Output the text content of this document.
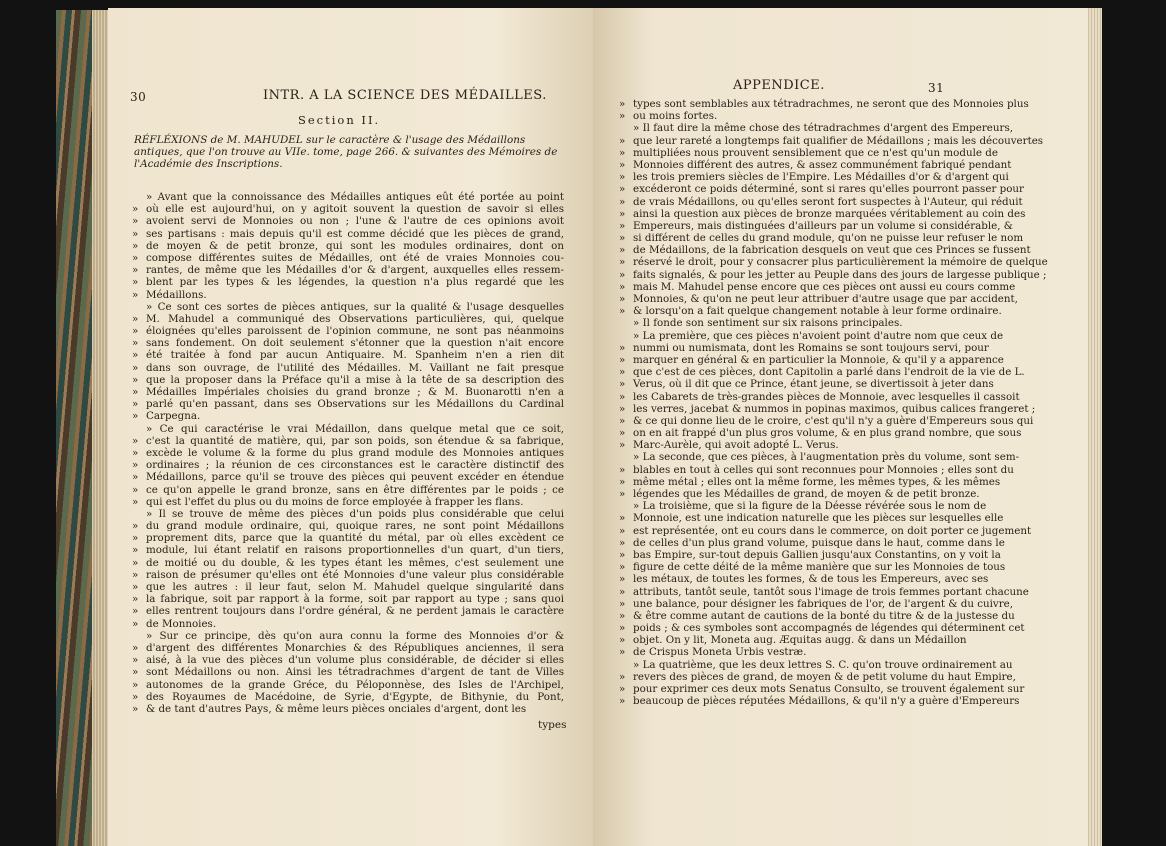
30	INTR. A LA SCIENCE DES MÉDAILLES.
Section II.
RÉFLÉXIONS de M. MAHUDEL sur le caractère & l'usage des Médaillons antiques, que l'on trouve au VIIe. tome, page 266. & suivantes des Mémoires de l'Académie des Inscriptions.
» Avant que la connoissance des Médailles antiques eût été portée au point
» où elle est aujourd'hui, on y agitoit souvent la question de savoir si elles
» avoient servi de Monnoies ou non ; l'une & l'autre de ces opinions avoit
» ses partisans : mais depuis qu'il est comme décidé que les pièces de grand,
» de moyen & de petit bronze, qui sont les modules ordinaires, dont on
» compose différentes suites de Médailles, ont été de vraies Monnoies cou-
» rantes, de même que les Médailles d'or & d'argent, auxquelles elles ressem-
» blent par les types & les légendes, la question n'a plus regardé que les
» Médaillons.
» Ce sont ces sortes de pièces antiques, sur la qualité & l'usage desquelles
» M. Mahudel a communiqué des Observations particulières, qui, quelque
» éloignées qu'elles paroissent de l'opinion commune, ne sont pas néanmoins
» sans fondement. On doit seulement s'étonner que la question n'ait encore
» été traitée à fond par aucun Antiquaire. M. Spanheim n'en a rien dit
» dans son ouvrage, de l'utilité des Médailles. M. Vaillant ne fait presque
» que la proposer dans la Préface qu'il a mise à la tête de sa description des
» Médailles Impériales choisies du grand bronze ; & M. Buonarotti n'en a
» parlé qu'en passant, dans ses Observations sur les Médaillons du Cardinal
» Carpegna.
» Ce qui caractérise le vrai Médaillon, dans quelque metal que ce soit,
» c'est la quantité de matière, qui, par son poids, son étendue & sa fabrique,
» excède le volume & la forme du plus grand module des Monnoies antiques
» ordinaires ; la réunion de ces circonstances est le caractère distinctif des
» Médaillons, parce qu'il se trouve des pièces qui peuvent excéder en étendue
» ce qu'on appelle le grand bronze, sans en être différentes par le poids ; ce
» qui est l'effet du plus ou du moins de force employée à frapper les flans.
» Il se trouve de même des pièces d'un poids plus considérable que celui
» du grand module ordinaire, qui, quoique rares, ne sont point Médaillons
» proprement dits, parce que la quantité du métal, par où elles excèdent ce
» module, lui étant relatif en raisons proportionnelles d'un quart, d'un tiers,
» de moitié ou du double, & les types étant les mêmes, c'est seulement une
» raison de présumer qu'elles ont été Monnoies d'une valeur plus considérable
» que les autres : il leur faut, selon M. Mahudel quelque singularité dans
» la fabrique, soit par rapport à la forme, soit par rapport au type ; sans quoi
» elles rentrent toujours dans l'ordre général, & ne perdent jamais le caractère
» de Monnoies.
» Sur ce principe, dès qu'on aura connu la forme des Monnoies d'or &
» d'argent des différentes Monarchies & des Républiques anciennes, il sera
» aisé, à la vue des pièces d'un volume plus considérable, de décider si elles
» sont Médaillons ou non. Ainsi les tétradrachmes d'argent de tant de Villes
» autonomes de la grande Gréce, du Péloponnèse, des Isles de l'Archipel,
» des Royaumes de Macédoine, de Syrie, d'Egypte, de Bithynie, du Pont,
» & de tant d'autres Pays, & même leurs pièces onciales d'argent, dont les
types
APPENDICE.	31
» types sont semblables aux tétradrachmes, ne seront que des Monnoies plus
» ou moins fortes.
» Il faut dire la même chose des tétradrachmes d'argent des Empereurs,
» que leur rareté a longtemps fait qualifier de Médaillons ; mais les découvertes
» multipliées nous prouvent sensiblement que ce n'est qu'un module de
» Monnoies différent des autres, & assez communément fabriqué pendant
» les trois premiers siècles de l'Empire. Les Médailles d'or & d'argent qui
» excéderont ce poids déterminé, sont si rares qu'elles pourront passer pour
» de vrais Médaillons, ou qu'elles seront fort suspectes à l'Auteur, qui réduit
» ainsi la question aux pièces de bronze marquées véritablement au coin des
» Empereurs, mais distinguées d'ailleurs par un volume si considérable, &
» si différent de celles du grand module, qu'on ne puisse leur refuser le nom
» de Médaillons, de la fabrication desquels on veut que ces Princes se fussent
» réservé le droit, pour y consacrer plus particulièrement la mémoire de quelque
» faits signalés, & pour les jetter au Peuple dans des jours de largesse publique ;
» mais M. Mahudel pense encore que ces pièces ont aussi eu cours comme
» Monnoies, & qu'on ne peut leur attribuer d'autre usage que par accident,
» & lorsqu'on a fait quelque changement notable à leur forme ordinaire.
» Il fonde son sentiment sur six raisons principales.
» La première, que ces pièces n'avoient point d'autre nom que ceux de
» nummi ou numismata, dont les Romains se sont toujours servi, pour
» marquer en général & en particulier la Monnoie, & qu'il y a apparence
» que c'est de ces pièces, dont Capitolin a parlé dans l'endroit de la vie de L.
» Verus, où il dit que ce Prince, étant jeune, se divertissoit à jeter dans
» les Cabarets de très-grandes pièces de Monnoie, avec lesquelles il cassoit
» les verres, jacebat & nummos in popinas maximos, quibus calices frangeret ;
» & ce qui donne lieu de le croire, c'est qu'il n'y a guère d'Empereurs sous qui
» on en ait frappé d'un plus gros volume, & en plus grand nombre, que sous
» Marc-Aurèle, qui avoit adopté L. Verus.
» La seconde, que ces pièces, à l'augmentation près du volume, sont sem-
» blables en tout à celles qui sont reconnues pour Monnoies ; elles sont du
» même métal ; elles ont la même forme, les mêmes types, & les mêmes
» légendes que les Médailles de grand, de moyen & de petit bronze.
» La troisième, que si la figure de la Déesse révérée sous le nom de
» Monnoie, est une indication naturelle que les pièces sur lesquelles elle
» est représentée, ont eu cours dans le commerce, on doit porter ce jugement
» de celles d'un plus grand volume, puisque dans le haut, comme dans le
» bas Empire, sur-tout depuis Gallien jusqu'aux Constantins, on y voit la
» figure de cette déité de la même manière que sur les Monnoies de tous
» les métaux, de toutes les formes, & de tous les Empereurs, avec ses
» attributs, tantôt seule, tantôt sous l'image de trois femmes portant chacune
» une balance, pour désigner les fabriques de l'or, de l'argent & du cuivre,
» & être comme autant de cautions de la bonté du titre & de la justesse du
» poids ; & ces symboles sont accompagnés de légendes qui déterminent cet
» objet. On y lit, Moneta aug. Æquitas augg. & dans un Médaillon
» de Crispus Moneta Urbis vestræ.
» La quatrième, que les deux lettres S. C. qu'on trouve ordinairement au
» revers des pièces de grand, de moyen & de petit volume du haut Empire,
» pour exprimer ces deux mots Senatus Consulto, se trouvent également sur
» beaucoup de pièces réputées Médaillons, & qu'il n'y a guère d'Empereurs
